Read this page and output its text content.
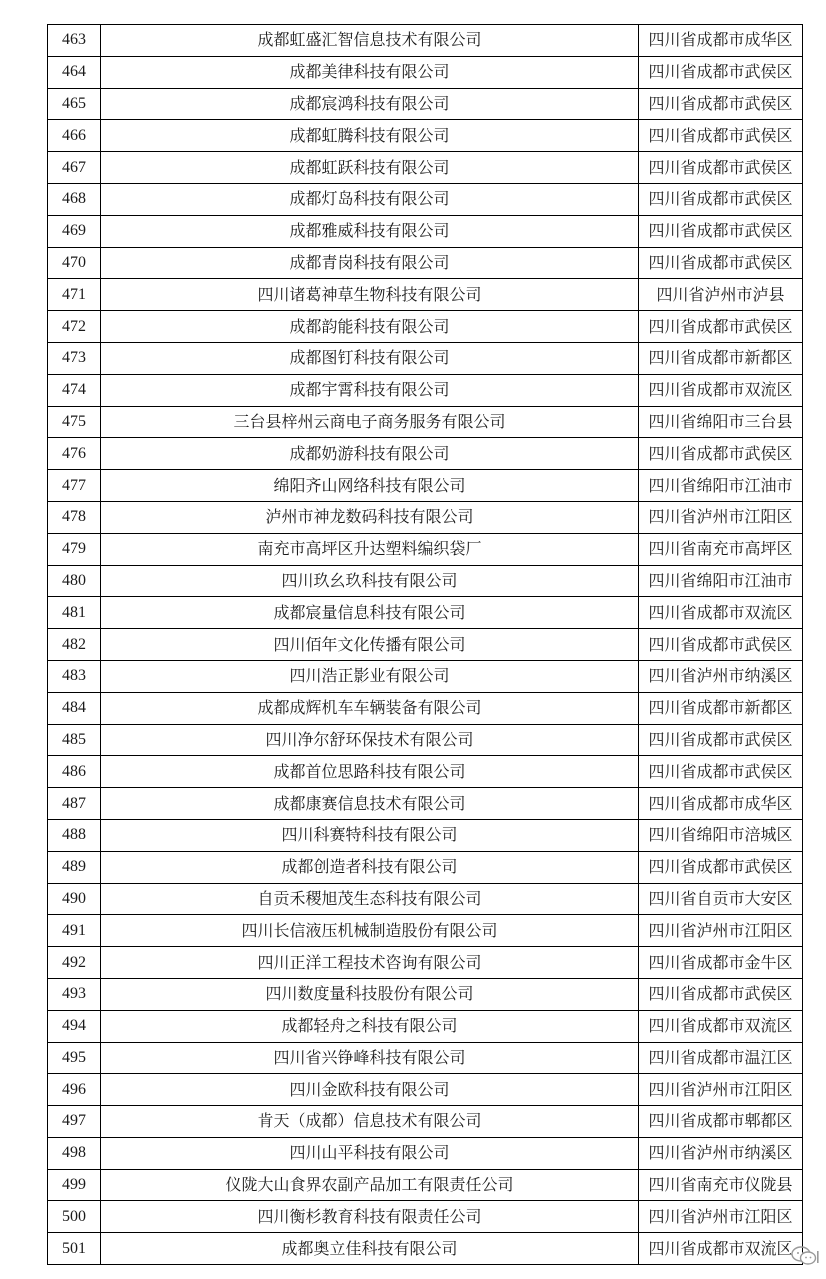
463	成都虹盛汇智信息技术有限公司	四川省成都市成华区
464	成都美律科技有限公司	四川省成都市武侯区
465	成都宸鸿科技有限公司	四川省成都市武侯区
466	成都虹腾科技有限公司	四川省成都市武侯区
467	成都虹跃科技有限公司	四川省成都市武侯区
468	成都灯岛科技有限公司	四川省成都市武侯区
469	成都雅威科技有限公司	四川省成都市武侯区
470	成都青岗科技有限公司	四川省成都市武侯区
471	四川诸葛神草生物科技有限公司	四川省泸州市泸县
472	成都韵能科技有限公司	四川省成都市武侯区
473	成都图钉科技有限公司	四川省成都市新都区
474	成都宇霄科技有限公司	四川省成都市双流区
475	三台县梓州云商电子商务服务有限公司	四川省绵阳市三台县
476	成都奶游科技有限公司	四川省成都市武侯区
477	绵阳齐山网络科技有限公司	四川省绵阳市江油市
478	泸州市神龙数码科技有限公司	四川省泸州市江阳区
479	南充市高坪区升达塑料编织袋厂	四川省南充市高坪区
480	四川玖幺玖科技有限公司	四川省绵阳市江油市
481	成都宸量信息科技有限公司	四川省成都市双流区
482	四川佰年文化传播有限公司	四川省成都市武侯区
483	四川浩正影业有限公司	四川省泸州市纳溪区
484	成都成辉机车车辆装备有限公司	四川省成都市新都区
485	四川净尔舒环保技术有限公司	四川省成都市武侯区
486	成都首位思路科技有限公司	四川省成都市武侯区
487	成都康赛信息技术有限公司	四川省成都市成华区
488	四川科赛特科技有限公司	四川省绵阳市涪城区
489	成都创造者科技有限公司	四川省成都市武侯区
490	自贡禾稷旭茂生态科技有限公司	四川省自贡市大安区
491	四川长信液压机械制造股份有限公司	四川省泸州市江阳区
492	四川正洋工程技术咨询有限公司	四川省成都市金牛区
493	四川数度量科技股份有限公司	四川省成都市武侯区
494	成都轻舟之科技有限公司	四川省成都市双流区
495	四川省兴铮峰科技有限公司	四川省成都市温江区
496	四川金欧科技有限公司	四川省泸州市江阳区
497	肯天（成都）信息技术有限公司	四川省成都市郫都区
498	四川山平科技有限公司	四川省泸州市纳溪区
499	仪陇大山食界农副产品加工有限责任公司	四川省南充市仪陇县
500	四川衡杉教育科技有限责任公司	四川省泸州市江阳区
501	成都奥立佳科技有限公司	四川省成都市双流区
